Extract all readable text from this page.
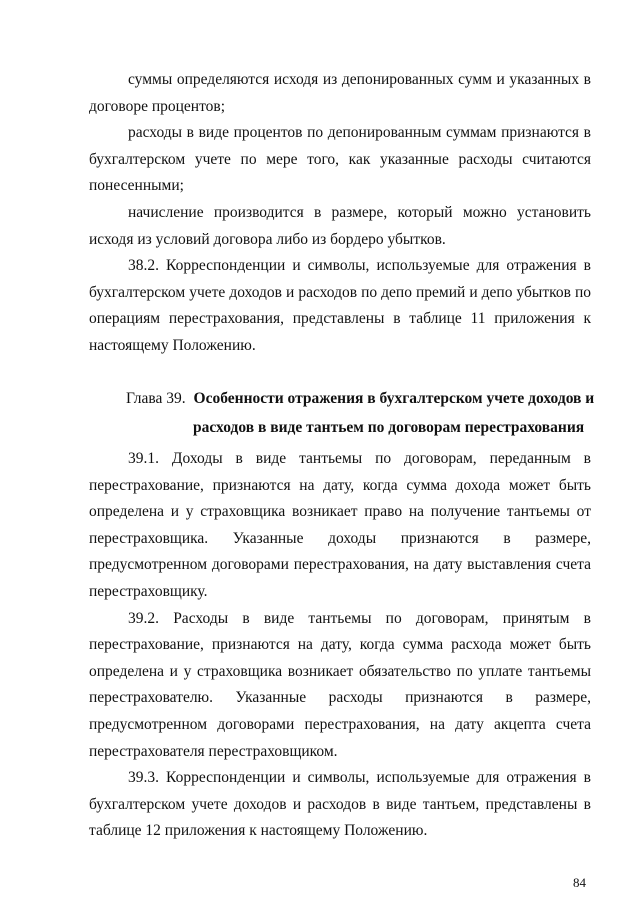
суммы определяются исходя из депонированных сумм и указанных в договоре процентов;

расходы в виде процентов по депонированным суммам признаются в бухгалтерском учете по мере того, как указанные расходы считаются понесенными;

начисление производится в размере, который можно установить исходя из условий договора либо из бордеро убытков.

38.2. Корреспонденции и символы, используемые для отражения в бухгалтерском учете доходов и расходов по депо премий и депо убытков по операциям перестрахования, представлены в таблице 11 приложения к настоящему Положению.

Глава 39. Особенности отражения в бухгалтерском учете доходов и

расходов в виде тантьем по договорам перестрахования

39.1. Доходы в виде тантьемы по договорам, переданным в перестрахование, признаются на дату, когда сумма дохода может быть определена и у страховщика возникает право на получение тантьемы от перестраховщика. Указанные доходы признаются в размере, предусмотренном договорами перестрахования, на дату выставления счета перестраховщику.

39.2. Расходы в виде тантьемы по договорам, принятым в перестрахование, признаются на дату, когда сумма расхода может быть определена и у страховщика возникает обязательство по уплате тантьемы перестрахователю. Указанные расходы признаются в размере, предусмотренном договорами перестрахования, на дату акцепта счета перестрахователя перестраховщиком.

39.3. Корреспонденции и символы, используемые для отражения в бухгалтерском учете доходов и расходов в виде тантьем, представлены в таблице 12 приложения к настоящему Положению.

84
